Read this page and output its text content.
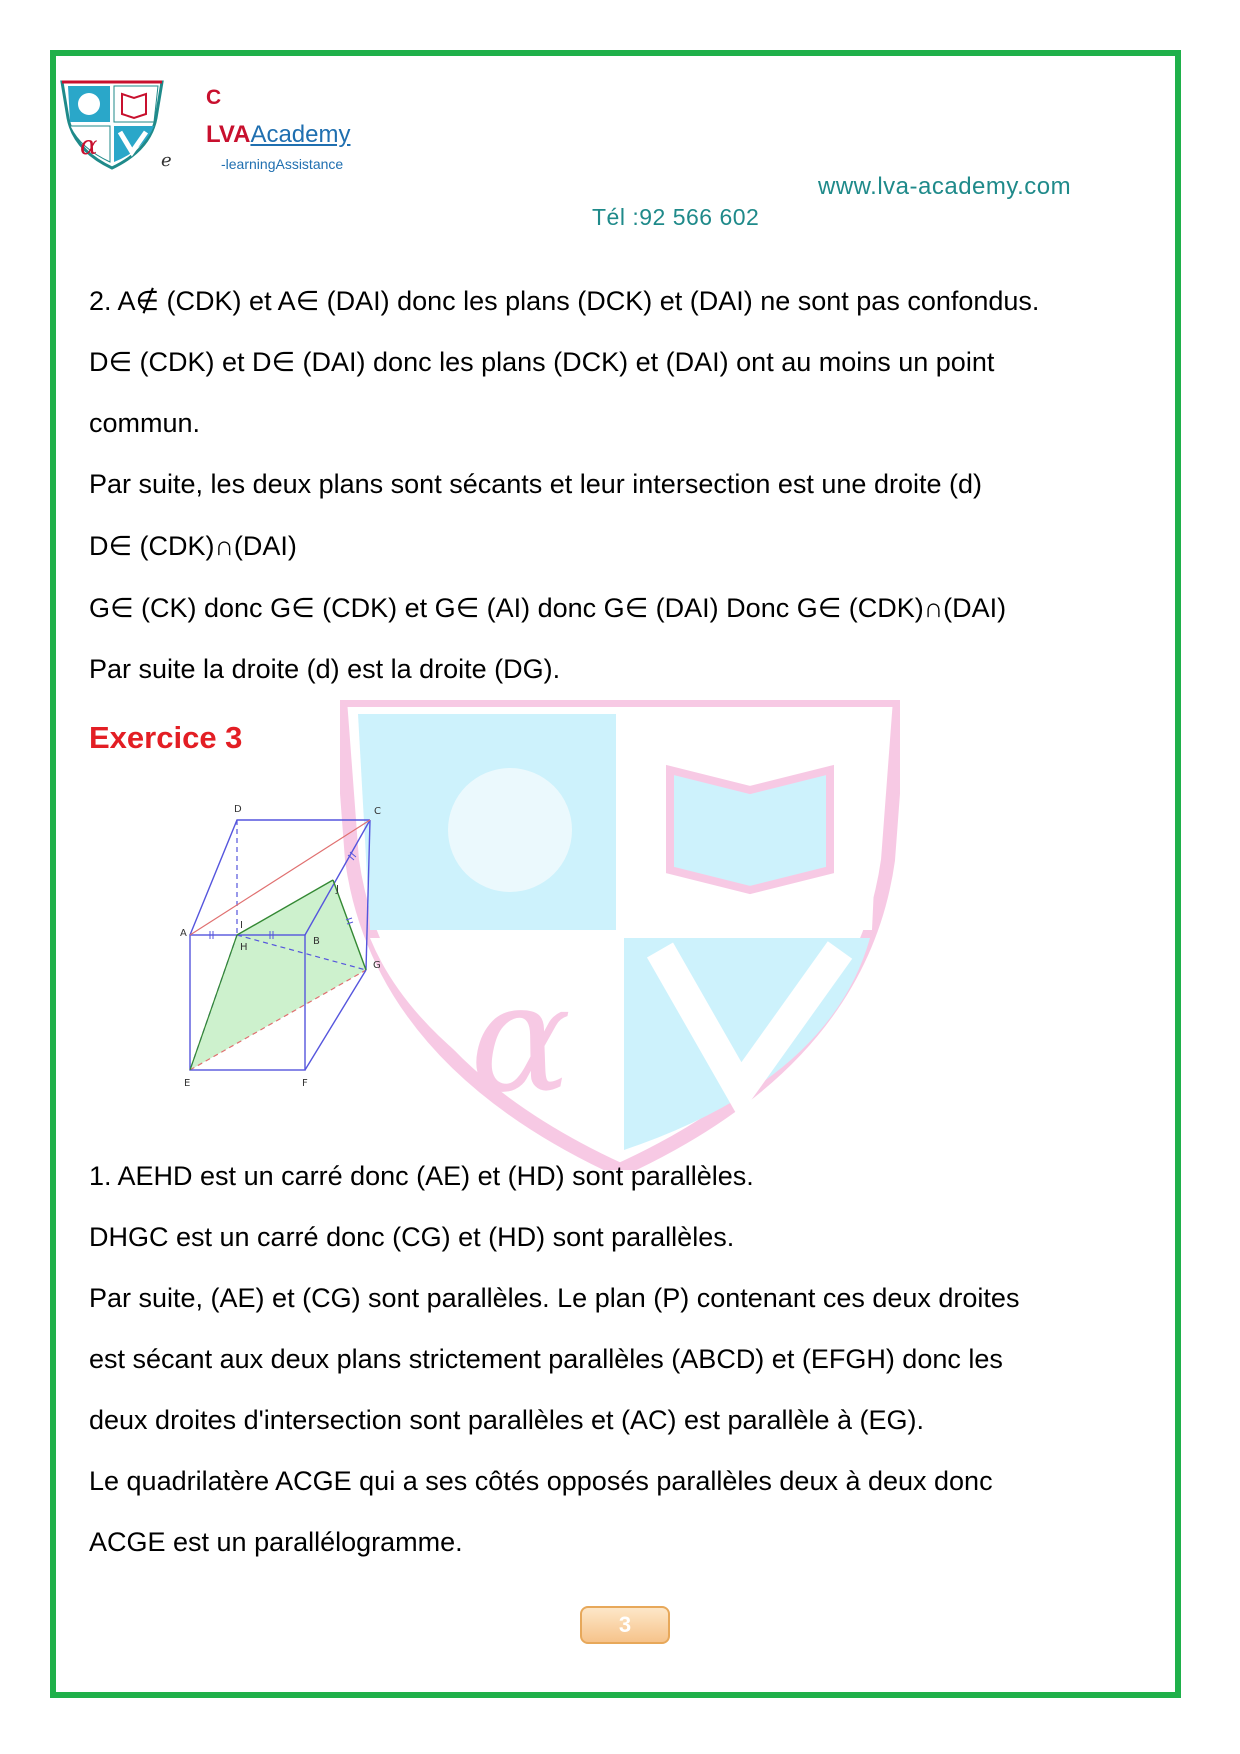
α	e
C
LVAAcademy
-learningAssistance
www.lva-academy.com
Tél :92 566 602
α
2. A∉ (CDK) et A∈ (DAI) donc les plans (DCK) et (DAI) ne sont pas confondus.
D∈ (CDK) et D∈ (DAI) donc les plans (DCK) et (DAI) ont au moins un point
commun.
Par suite, les deux plans sont sécants et leur intersection est une droite (d)
D∈ (CDK)∩(DAI)
G∈ (CK) donc G∈ (CDK) et G∈ (AI) donc G∈ (DAI) Donc G∈ (CDK)∩(DAI)
Par suite la droite (d) est la droite (DG).
Exercice 3
A
B
C
D
E	F
G
H
I
J
1. AEHD est un carré donc (AE) et (HD) sont parallèles.
DHGC est un carré donc (CG) et (HD) sont parallèles.
Par suite, (AE) et (CG) sont parallèles. Le plan (P) contenant ces deux droites
est sécant aux deux plans strictement parallèles (ABCD) et (EFGH) donc les
deux droites d'intersection sont parallèles et (AC) est parallèle à (EG).
Le quadrilatère ACGE qui a ses côtés opposés parallèles deux à deux donc
ACGE est un parallélogramme.
3
